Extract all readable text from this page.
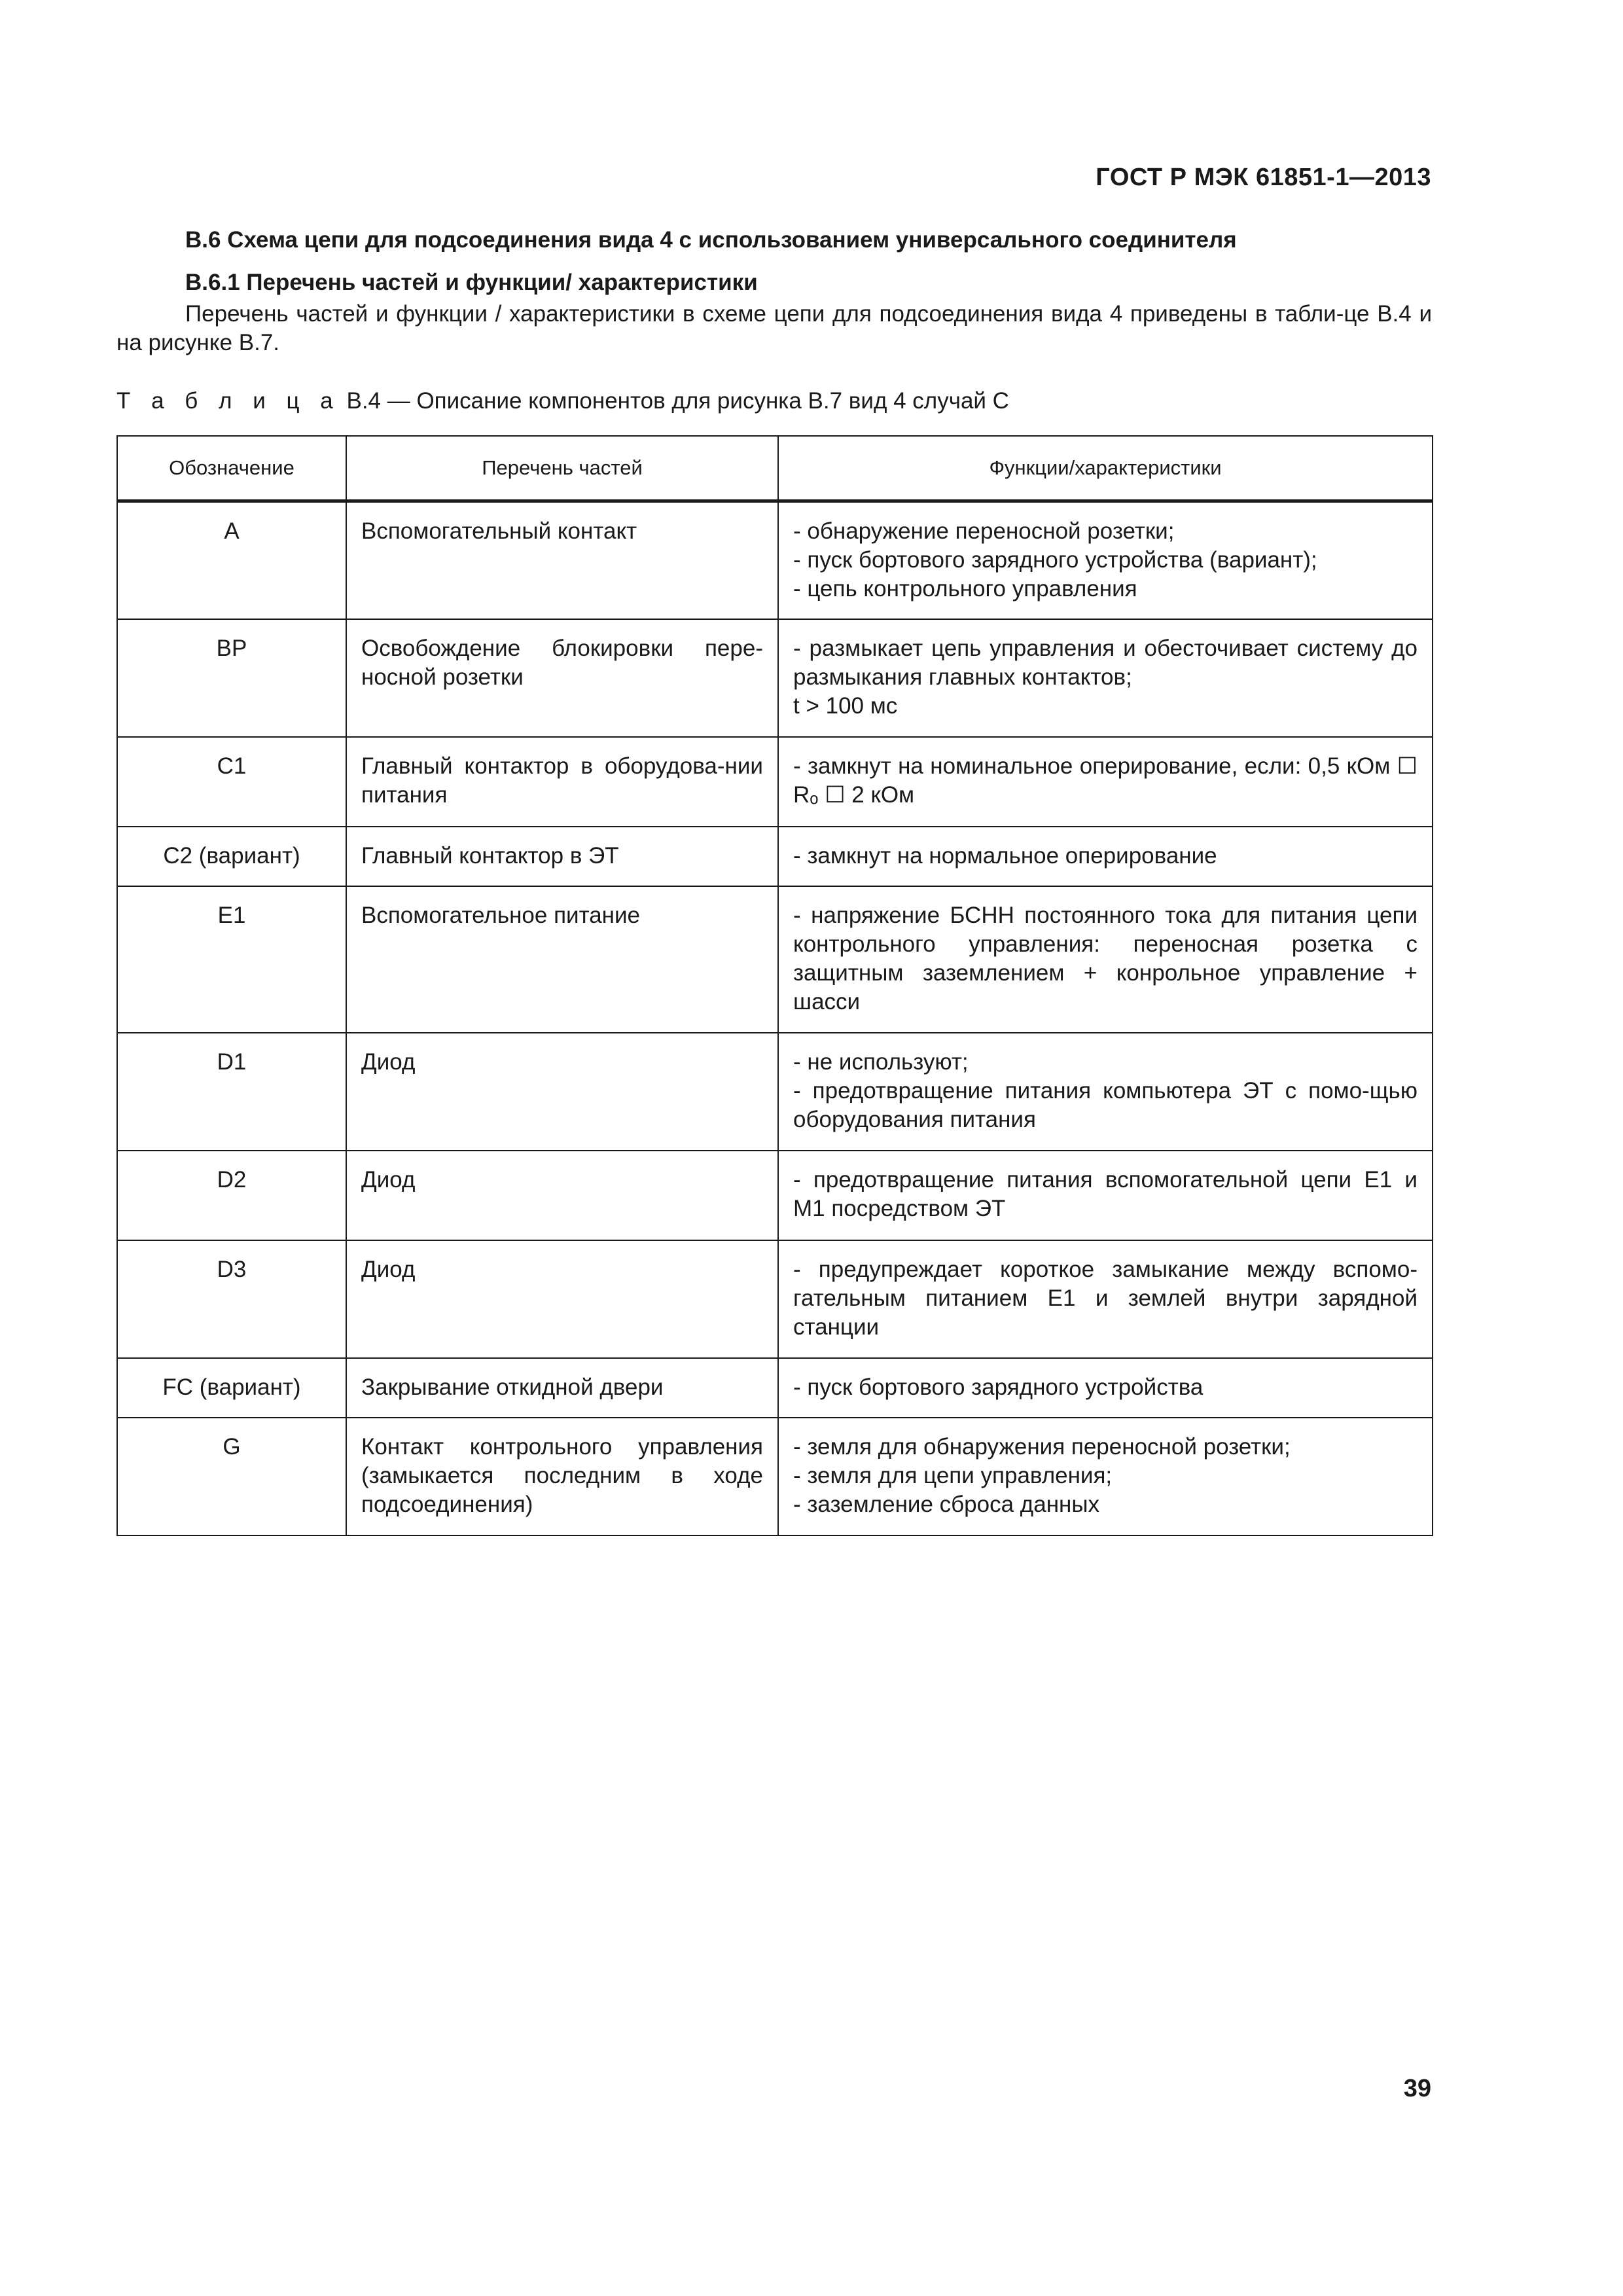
ГОСТ Р МЭК 61851-1—2013
B.6 Схема цепи для подсоединения вида 4 с использованием универсального соединителя
B.6.1 Перечень частей и функции/ характеристики

Перечень частей и функции / характеристики в схеме цепи для подсоединения вида 4 приведены в табли-це B.4 и на рисунке B.7.

Т а б л и ц а B.4 — Описание компонентов для рисунка B.7 вид 4 случай С
Обозначение	Перечень частей	Функции/характеристики
A	Вспомогательный контакт	- обнаружение переносной розетки;
- пуск бортового зарядного устройства (вариант);
- цепь контрольного управления

BP	Освобождение блокировки пере-носной розетки	- размыкает цепь управления и обесточивает систему до размыкания главных контактов;
t > 100 мс

C1	Главный контактор в оборудова-нии питания	- замкнут на номинальное оперирование, если: 0,5 кОм ☐ Rₒ ☐ 2 кОм

C2 (вариант)	Главный контактор в ЭТ	- замкнут на нормальное оперирование

E1	Вспомогательное питание	- напряжение БСНН постоянного тока для питания цепи контрольного управления: переносная розетка с защитным заземлением + конрольное управление + шасси

D1	Диод	- не используют;
- предотвращение питания компьютера ЭТ с помо-щью оборудования питания

D2	Диод	- предотвращение питания вспомогательной цепи E1 и M1 посредством ЭТ

D3	Диод	- предупреждает короткое замыкание между вспомо-гательным питанием E1 и землей внутри зарядной станции

FC (вариант)	Закрывание откидной двери	- пуск бортового зарядного устройства

G	Контакт контрольного управления (замыкается последним в ходе подсоединения)	- земля для обнаружения переносной розетки;
- земля для цепи управления;
- заземление сброса данных
39
